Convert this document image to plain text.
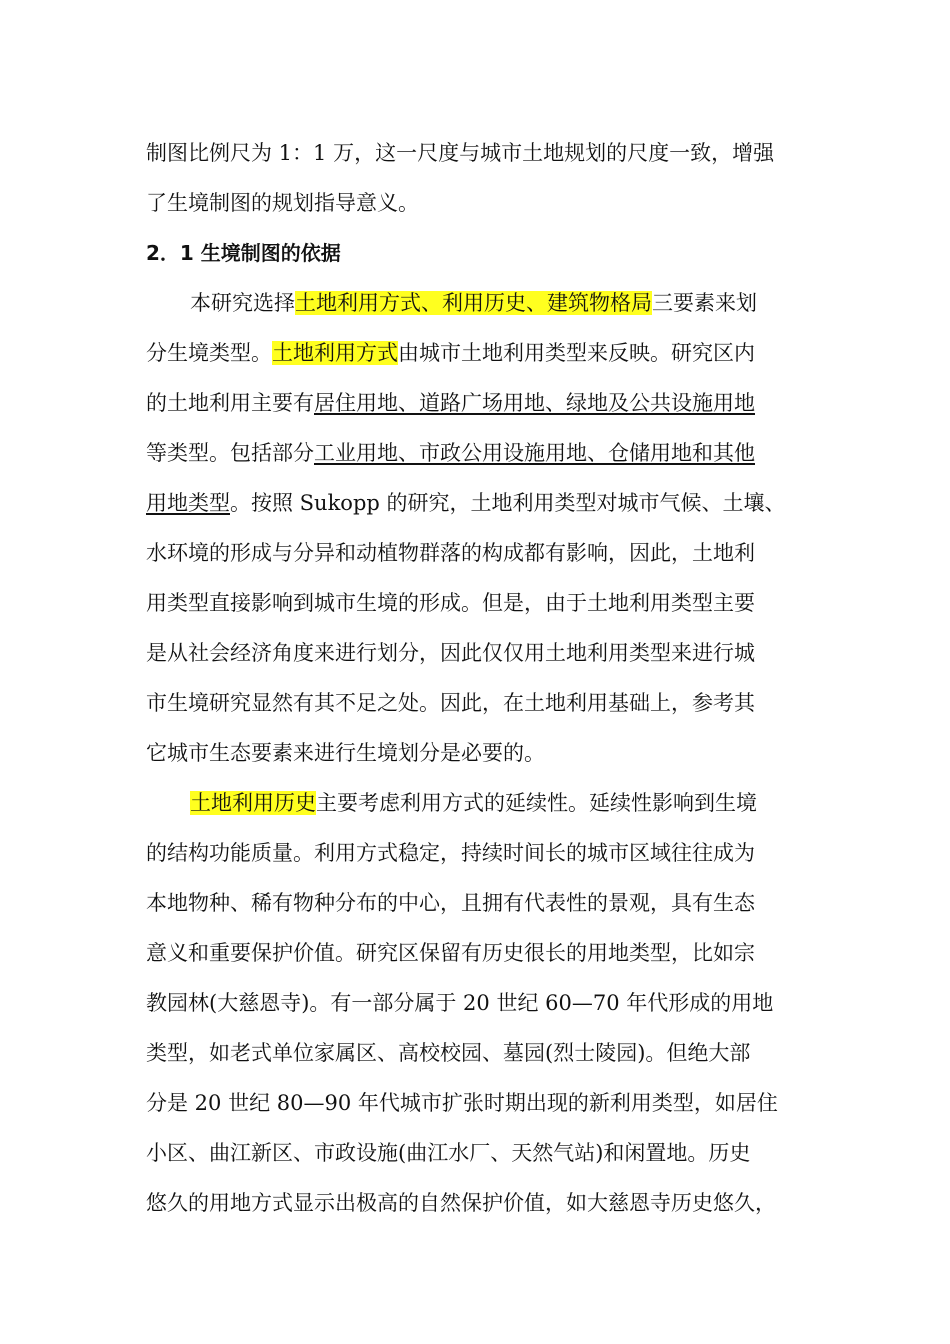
制图比例尺为 1：1 万，这一尺度与城市土地规划的尺度一致，增强
了生境制图的规划指导意义。
2．1 生境制图的依据
本研究选择土地利用方式、利用历史、建筑物格局三要素来划
分生境类型。土地利用方式由城市土地利用类型来反映。研究区内
的土地利用主要有居住用地、道路广场用地、绿地及公共设施用地
等类型。包括部分工业用地、市政公用设施用地、仓储用地和其他
用地类型。按照 Sukopp 的研究，土地利用类型对城市气候、土壤、
水环境的形成与分异和动植物群落的构成都有影响，因此，土地利
用类型直接影响到城市生境的形成。但是，由于土地利用类型主要
是从社会经济角度来进行划分，因此仅仅用土地利用类型来进行城
市生境研究显然有其不足之处。因此，在土地利用基础上，参考其
它城市生态要素来进行生境划分是必要的。
土地利用历史主要考虑利用方式的延续性。延续性影响到生境
的结构功能质量。利用方式稳定，持续时间长的城市区域往往成为
本地物种、稀有物种分布的中心，且拥有代表性的景观，具有生态
意义和重要保护价值。研究区保留有历史很长的用地类型，比如宗
教园林(大慈恩寺)。有一部分属于 20 世纪 60—70 年代形成的用地
类型，如老式单位家属区、高校校园、墓园(烈士陵园)。但绝大部
分是 20 世纪 80—90 年代城市扩张时期出现的新利用类型，如居住
小区、曲江新区、市政设施(曲江水厂、天然气站)和闲置地。历史
悠久的用地方式显示出极高的自然保护价值，如大慈恩寺历史悠久，
